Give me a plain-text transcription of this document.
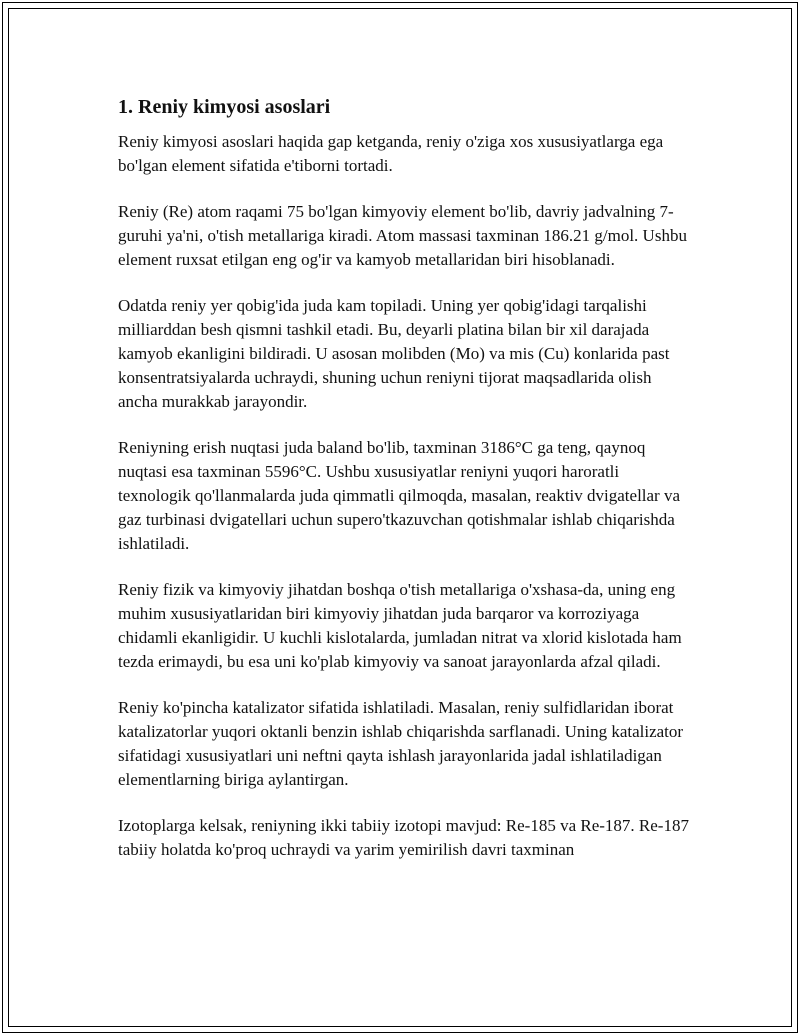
1. Reniy kimyosi asoslari

Reniy kimyosi asoslari haqida gap ketganda, reniy o'ziga xos xususiyatlarga ega bo'lgan element sifatida e'tiborni tortadi.

Reniy (Re) atom raqami 75 bo'lgan kimyoviy element bo'lib, davriy jadvalning 7-guruhi ya'ni, o'tish metallariga kiradi. Atom massasi taxminan 186.21 g/mol. Ushbu element ruxsat etilgan eng og'ir va kamyob metallaridan biri hisoblanadi.

Odatda reniy yer qobig'ida juda kam topiladi. Uning yer qobig'idagi tarqalishi milliarddan besh qismni tashkil etadi. Bu, deyarli platina bilan bir xil darajada kamyob ekanligini bildiradi. U asosan molibden (Mo) va mis (Cu) konlarida past konsentratsiyalarda uchraydi, shuning uchun reniyni tijorat maqsadlarida olish ancha murakkab jarayondir.

Reniyning erish nuqtasi juda baland bo'lib, taxminan 3186°C ga teng, qaynoq nuqtasi esa taxminan 5596°C. Ushbu xususiyatlar reniyni yuqori haroratli texnologik qo'llanmalarda juda qimmatli qilmoqda, masalan, reaktiv dvigatellar va gaz turbinasi dvigatellari uchun supero'tkazuvchan qotishmalar ishlab chiqarishda ishlatiladi.

Reniy fizik va kimyoviy jihatdan boshqa o'tish metallariga o'xshasa-da, uning eng muhim xususiyatlaridan biri kimyoviy jihatdan juda barqaror va korroziyaga chidamli ekanligidir. U kuchli kislotalarda, jumladan nitrat va xlorid kislotada ham tezda erimaydi, bu esa uni ko'plab kimyoviy va sanoat jarayonlarda afzal qiladi.

Reniy ko'pincha katalizator sifatida ishlatiladi. Masalan, reniy sulfidlaridan iborat katalizatorlar yuqori oktanli benzin ishlab chiqarishda sarflanadi. Uning katalizator sifatidagi xususiyatlari uni neftni qayta ishlash jarayonlarida jadal ishlatiladigan elementlarning biriga aylantirgan.

Izotoplarga kelsak, reniyning ikki tabiiy izotopi mavjud: Re-185 va Re-187. Re-187 tabiiy holatda ko'proq uchraydi va yarim yemirilish davri taxminan
